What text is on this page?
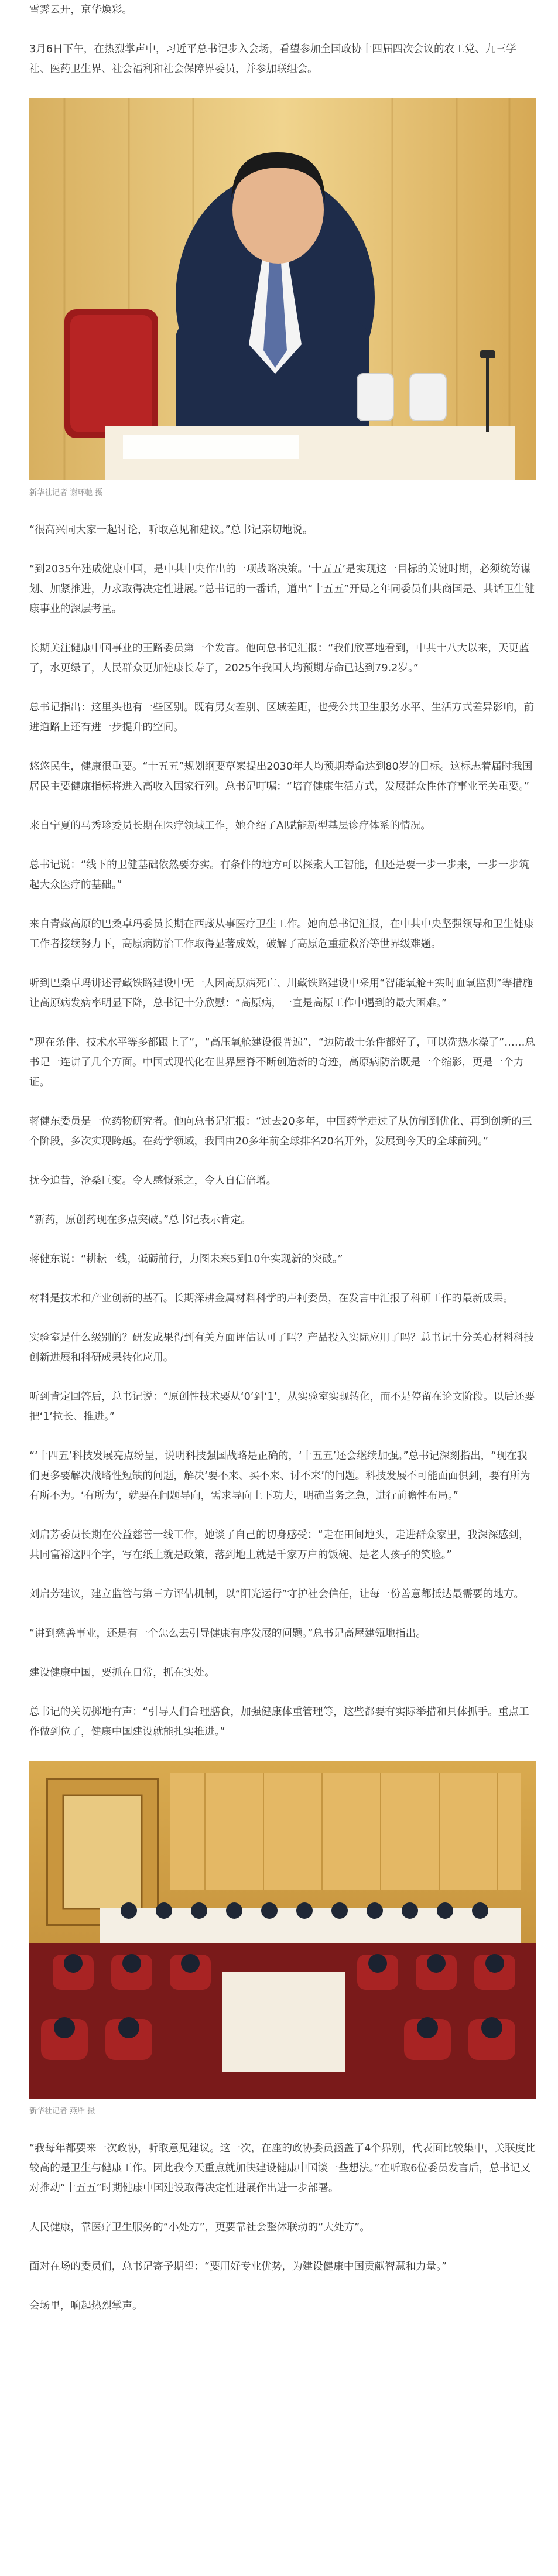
雪霁云开，京华焕彩。

3月6日下午，在热烈掌声中，习近平总书记步入会场，看望参加全国政协十四届四次会议的农工党、九三学社、医药卫生界、社会福利和社会保障界委员，并参加联组会。

新华社记者 谢环驰 摄

“很高兴同大家一起讨论，听取意见和建议。”总书记亲切地说。

“到2035年建成健康中国，是中共中央作出的一项战略决策。‘十五五’是实现这一目标的关键时期，必须统筹谋划、加紧推进，力求取得决定性进展。”总书记的一番话，道出“十五五”开局之年同委员们共商国是、共话卫生健康事业的深层考量。

长期关注健康中国事业的王路委员第一个发言。他向总书记汇报：“我们欣喜地看到，中共十八大以来，天更蓝了，水更绿了，人民群众更加健康长寿了，2025年我国人均预期寿命已达到79.2岁。”

总书记指出：这里头也有一些区别。既有男女差别、区域差距，也受公共卫生服务水平、生活方式差异影响，前进道路上还有进一步提升的空间。

悠悠民生，健康很重要。“十五五”规划纲要草案提出2030年人均预期寿命达到80岁的目标。这标志着届时我国居民主要健康指标将进入高收入国家行列。总书记叮嘱：“培育健康生活方式，发展群众性体育事业至关重要。”

来自宁夏的马秀珍委员长期在医疗领域工作，她介绍了AI赋能新型基层诊疗体系的情况。

总书记说：“线下的卫健基础依然要夯实。有条件的地方可以探索人工智能，但还是要一步一步来，一步一步筑起大众医疗的基础。”

来自青藏高原的巴桑卓玛委员长期在西藏从事医疗卫生工作。她向总书记汇报，在中共中央坚强领导和卫生健康工作者接续努力下，高原病防治工作取得显著成效，破解了高原危重症救治等世界级难题。

听到巴桑卓玛讲述青藏铁路建设中无一人因高原病死亡、川藏铁路建设中采用“智能氧舱+实时血氧监测”等措施让高原病发病率明显下降，总书记十分欣慰：“高原病，一直是高原工作中遇到的最大困难。”

“现在条件、技术水平等多都跟上了”，“高压氧舱建设很普遍”，“边防战士条件都好了，可以洗热水澡了”……总书记一连讲了几个方面。中国式现代化在世界屋脊不断创造新的奇迹，高原病防治既是一个缩影，更是一个力证。

蒋健东委员是一位药物研究者。他向总书记汇报：“过去20多年，中国药学走过了从仿制到优化、再到创新的三个阶段，多次实现跨越。在药学领域，我国由20多年前全球排名20名开外，发展到今天的全球前列。”

抚今追昔，沧桑巨变。令人感慨系之，令人自信倍增。

“新药，原创药现在多点突破。”总书记表示肯定。

蒋健东说：“耕耘一线，砥砺前行，力图未来5到10年实现新的突破。”

材料是技术和产业创新的基石。长期深耕金属材料科学的卢柯委员，在发言中汇报了科研工作的最新成果。

实验室是什么级别的？研发成果得到有关方面评估认可了吗？产品投入实际应用了吗？总书记十分关心材料科技创新进展和科研成果转化应用。

听到肯定回答后，总书记说：“原创性技术要从‘0’到‘1’，从实验室实现转化，而不是停留在论文阶段。以后还要把‘1’拉长、推进。”

“‘十四五’科技发展亮点纷呈，说明科技强国战略是正确的，‘十五五’还会继续加强。”总书记深刻指出，“现在我们更多要解决战略性短缺的问题，解决‘要不来、买不来、讨不来’的问题。科技发展不可能面面俱到，要有所为有所不为。‘有所为’，就要在问题导向，需求导向上下功夫，明确当务之急，进行前瞻性布局。”

刘启芳委员长期在公益慈善一线工作，她谈了自己的切身感受：“走在田间地头，走进群众家里，我深深感到，共同富裕这四个字，写在纸上就是政策，落到地上就是千家万户的饭碗、是老人孩子的笑脸。”

刘启芳建议，建立监管与第三方评估机制，以“阳光运行”守护社会信任，让每一份善意都抵达最需要的地方。

“讲到慈善事业，还是有一个怎么去引导健康有序发展的问题。”总书记高屋建瓴地指出。

建设健康中国，要抓在日常，抓在实处。

总书记的关切掷地有声：“引导人们合理膳食，加强健康体重管理等，这些都要有实际举措和具体抓手。重点工作做到位了，健康中国建设就能扎实推进。”

新华社记者 燕雁 摄

“我每年都要来一次政协，听取意见建议。这一次，在座的政协委员涵盖了4个界别，代表面比较集中，关联度比较高的是卫生与健康工作。因此我今天重点就加快建设健康中国谈一些想法。”在听取6位委员发言后，总书记又对推动“十五五”时期健康中国建设取得决定性进展作出进一步部署。

人民健康，靠医疗卫生服务的“小处方”，更要靠社会整体联动的“大处方”。

面对在场的委员们，总书记寄予期望：“要用好专业优势，为建设健康中国贡献智慧和力量。”

会场里，响起热烈掌声。
